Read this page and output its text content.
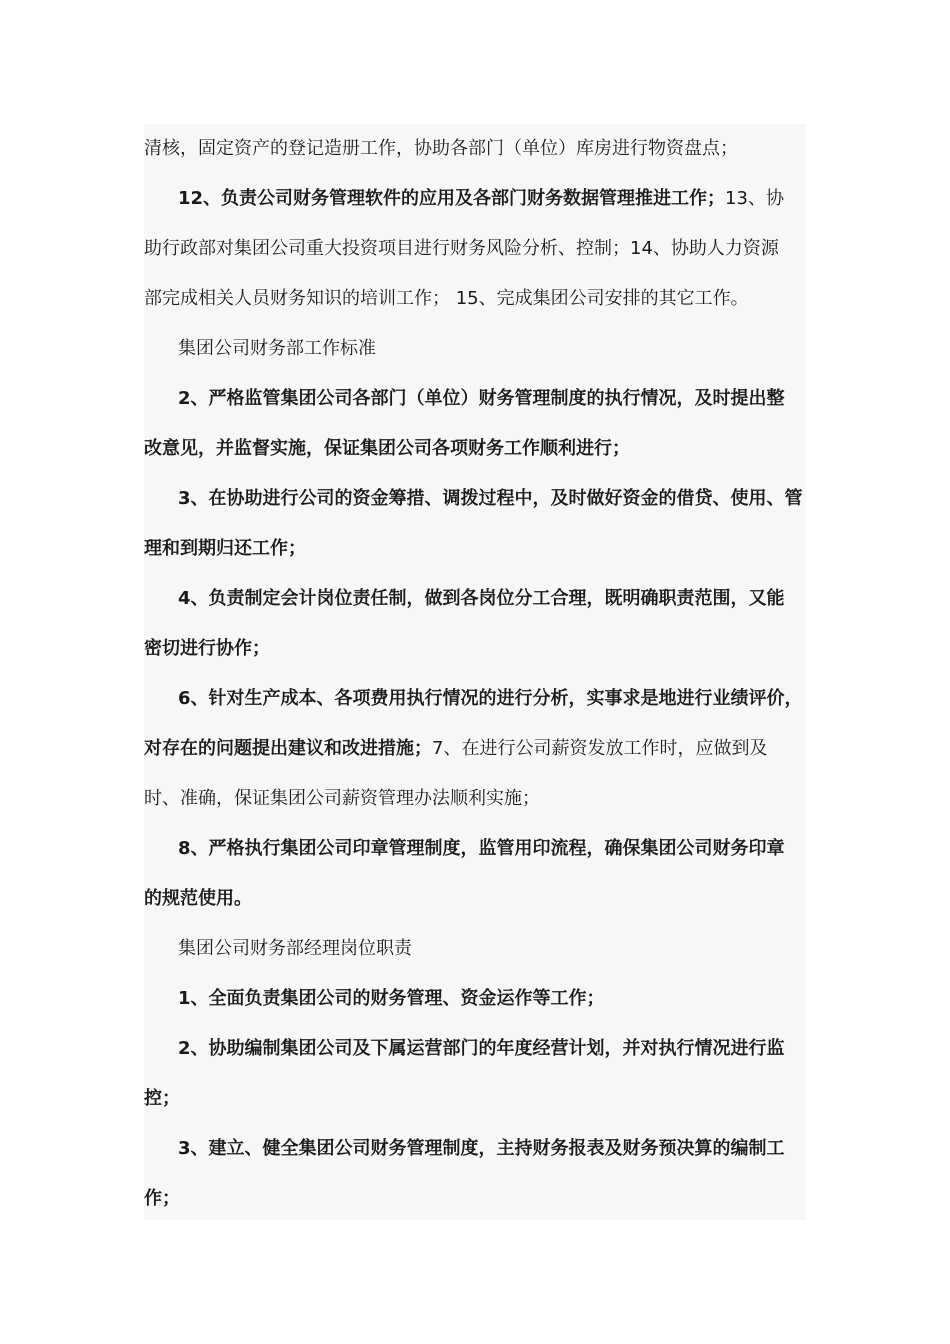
清核，固定资产的登记造册工作，协助各部门（单位）库房进行物资盘点；
12、负责公司财务管理软件的应用及各部门财务数据管理推进工作；13、协
助行政部对集团公司重大投资项目进行财务风险分析、控制；14、协助人力资源
部完成相关人员财务知识的培训工作； 15、完成集团公司安排的其它工作。
集团公司财务部工作标准
2、严格监管集团公司各部门（单位）财务管理制度的执行情况，及时提出整
改意见，并监督实施，保证集团公司各项财务工作顺利进行；
3、在协助进行公司的资金筹措、调拨过程中，及时做好资金的借贷、使用、管
理和到期归还工作；
4、负责制定会计岗位责任制，做到各岗位分工合理，既明确职责范围，又能
密切进行协作；
6、针对生产成本、各项费用执行情况的进行分析，实事求是地进行业绩评价，
对存在的问题提出建议和改进措施；7、在进行公司薪资发放工作时，应做到及
时、准确，保证集团公司薪资管理办法顺利实施；
8、严格执行集团公司印章管理制度，监管用印流程，确保集团公司财务印章
的规范使用。
集团公司财务部经理岗位职责
1、全面负责集团公司的财务管理、资金运作等工作；
2、协助编制集团公司及下属运营部门的年度经营计划，并对执行情况进行监
控；
3、建立、健全集团公司财务管理制度，主持财务报表及财务预决算的编制工
作；
